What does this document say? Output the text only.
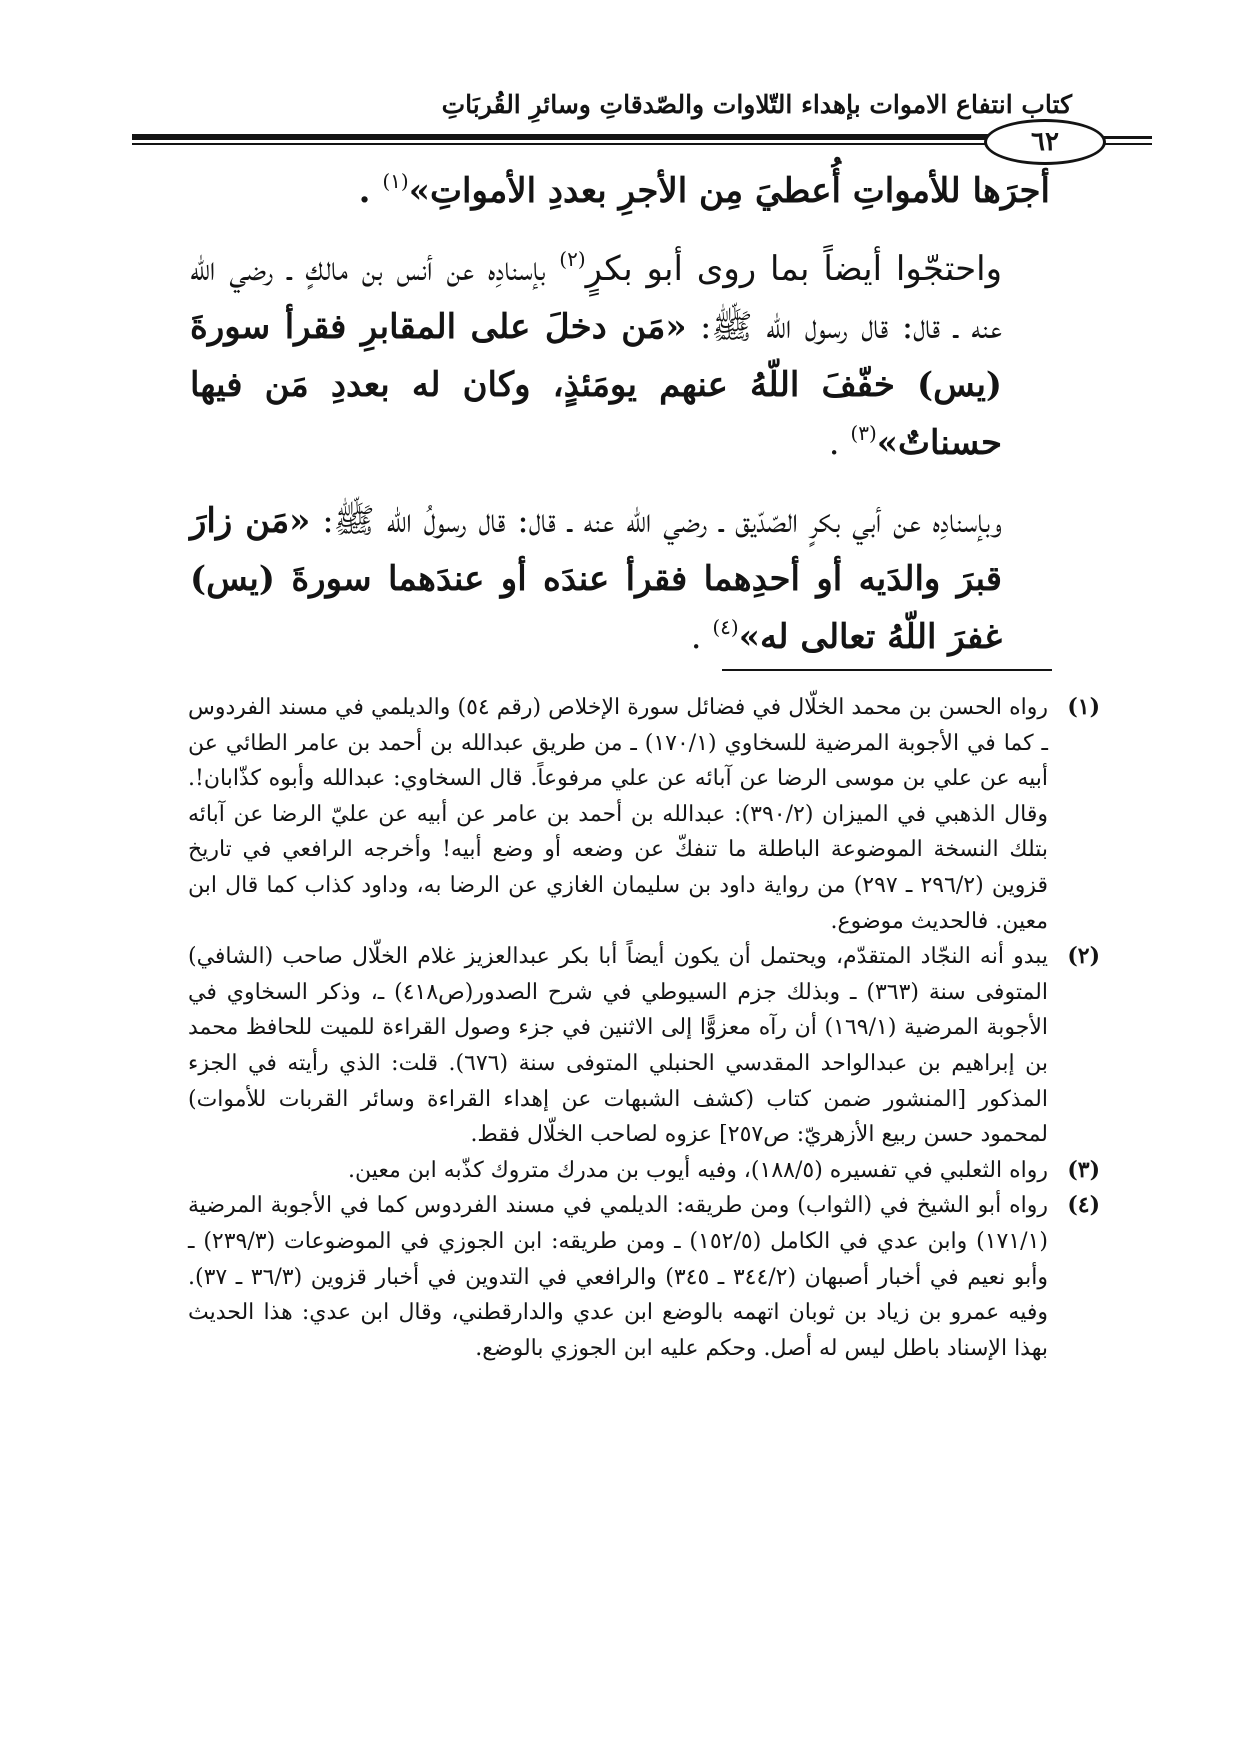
كتاب انتفاع الاموات بإهداء التّلاوات والصّدقاتِ وسائرِ القُربَاتِ
٦٢

أجرَها للأمواتِ أُعطيَ مِن الأجرِ بعددِ الأمواتِ»$^{(١)}$ .

واحتجّوا أيضاً بما روى أبو بكرٍ$^{(٢)}$ بإسنادِه عن أنس بن مالكٍ ـ رضي الله عنه ـ قال: قال رسول الله ﷺ: «مَن دخلَ على المقابرِ فقرأ سورةَ (يس) خفّفَ اللّهُ عنهم يومَئذٍ، وكان له بعددِ مَن فيها حسناتٌ»$^{(٣)}$ .

وبإسنادِه عن أبي بكرٍ الصّدّيق ـ رضي الله عنه ـ قال: قال رسولُ الله ﷺ: «مَن زارَ قبرَ والدَيه أو أحدِهما فقرأ عندَه أو عندَهما سورةَ (يس) غفرَ اللّهُ تعالى له»$^{(٤)}$ .

(١)
رواه الحسن بن محمد الخلّال في فضائل سورة الإخلاص (رقم ٥٤) والديلمي في مسند الفردوس ـ كما في الأجوبة المرضية للسخاوي (١٧٠/١) ـ من طريق عبدالله بن أحمد بن عامر الطائي عن أبيه عن علي بن موسى الرضا عن آبائه عن علي مرفوعاً. قال السخاوي: عبدالله وأبوه كذّابان!. وقال الذهبي في الميزان (٣٩٠/٢): عبدالله بن أحمد بن عامر عن أبيه عن عليّ الرضا عن آبائه بتلك النسخة الموضوعة الباطلة ما تنفكّ عن وضعه أو وضع أبيه! وأخرجه الرافعي في تاريخ قزوين (٢٩٦/٢ ـ ٢٩٧) من رواية داود بن سليمان الغازي عن الرضا به، وداود كذاب كما قال ابن معين. فالحديث موضوع.
(٢)
يبدو أنه النجّاد المتقدّم، ويحتمل أن يكون أيضاً أبا بكر عبدالعزيز غلام الخلّال صاحب (الشافي) المتوفى سنة (٣٦٣) ـ وبذلك جزم السيوطي في شرح الصدور(ص٤١٨) ـ، وذكر السخاوي في الأجوبة المرضية (١٦٩/١) أن رآه معزوًّا إلى الاثنين في جزء وصول القراءة للميت للحافظ محمد بن إبراهيم بن عبدالواحد المقدسي الحنبلي المتوفى سنة (٦٧٦). قلت: الذي رأيته في الجزء المذكور [المنشور ضمن كتاب (كشف الشبهات عن إهداء القراءة وسائر القربات للأموات) لمحمود حسن ربيع الأزهريّ: ص٢٥٧] عزوه لصاحب الخلّال فقط.
(٣)
رواه الثعلبي في تفسيره (١٨٨/٥)، وفيه أيوب بن مدرك متروك كذّبه ابن معين.
(٤)
رواه أبو الشيخ في (الثواب) ومن طريقه: الديلمي في مسند الفردوس كما في الأجوبة المرضية (١٧١/١) وابن عدي في الكامل (١٥٢/٥) ـ ومن طريقه: ابن الجوزي في الموضوعات (٢٣٩/٣) ـ وأبو نعيم في أخبار أصبهان (٣٤٤/٢ ـ ٣٤٥) والرافعي في التدوين في أخبار قزوين (٣٦/٣ ـ ٣٧). وفيه عمرو بن زياد بن ثوبان اتهمه بالوضع ابن عدي والدارقطني، وقال ابن عدي: هذا الحديث بهذا الإسناد باطل ليس له أصل. وحكم عليه ابن الجوزي بالوضع.
